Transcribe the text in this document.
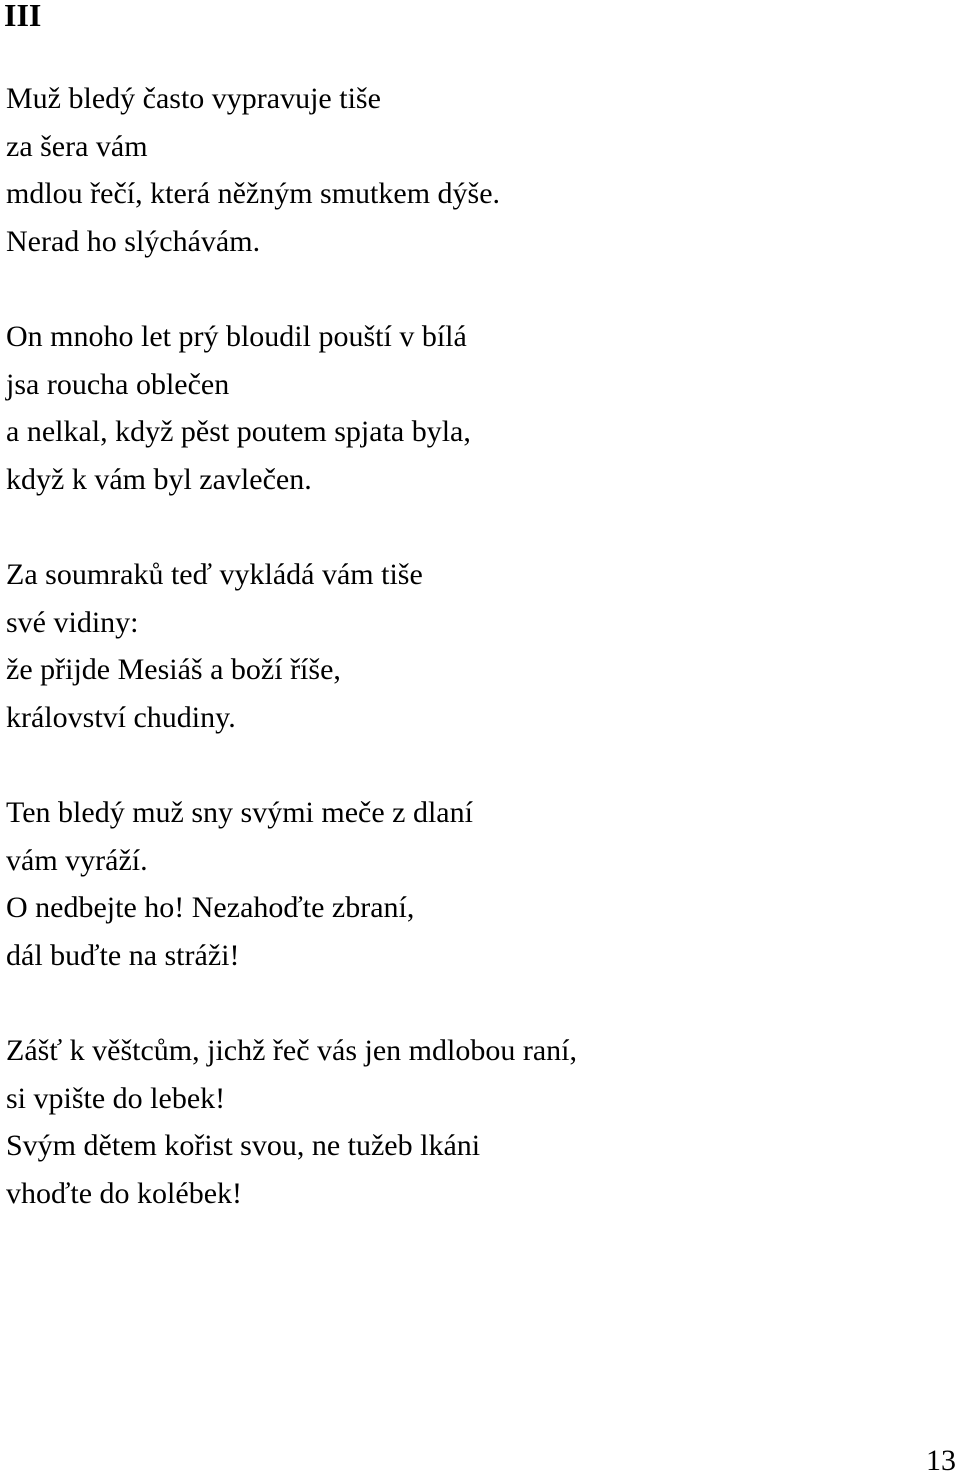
III
Muž bledý často vypravuje tiše
za šera vám
mdlou řečí, která něžným smutkem dýše.
Nerad ho slýchávám.
On mnoho let prý bloudil pouští v bílá
jsa roucha oblečen
a nelkal, když pěst poutem spjata byla,
když k vám byl zavlečen.
Za soumraků teď vykládá vám tiše
své vidiny:
že přijde Mesiáš a boží říše,
království chudiny.
Ten bledý muž sny svými meče z dlaní
vám vyráží.
O nedbejte ho! Nezahoďte zbraní,
dál buďte na stráži!
Zášť k věštcům, jichž řeč vás jen mdlobou raní,
si vpište do lebek!
Svým dětem kořist svou, ne tužeb lkáni
vhoďte do kolébek!
13
